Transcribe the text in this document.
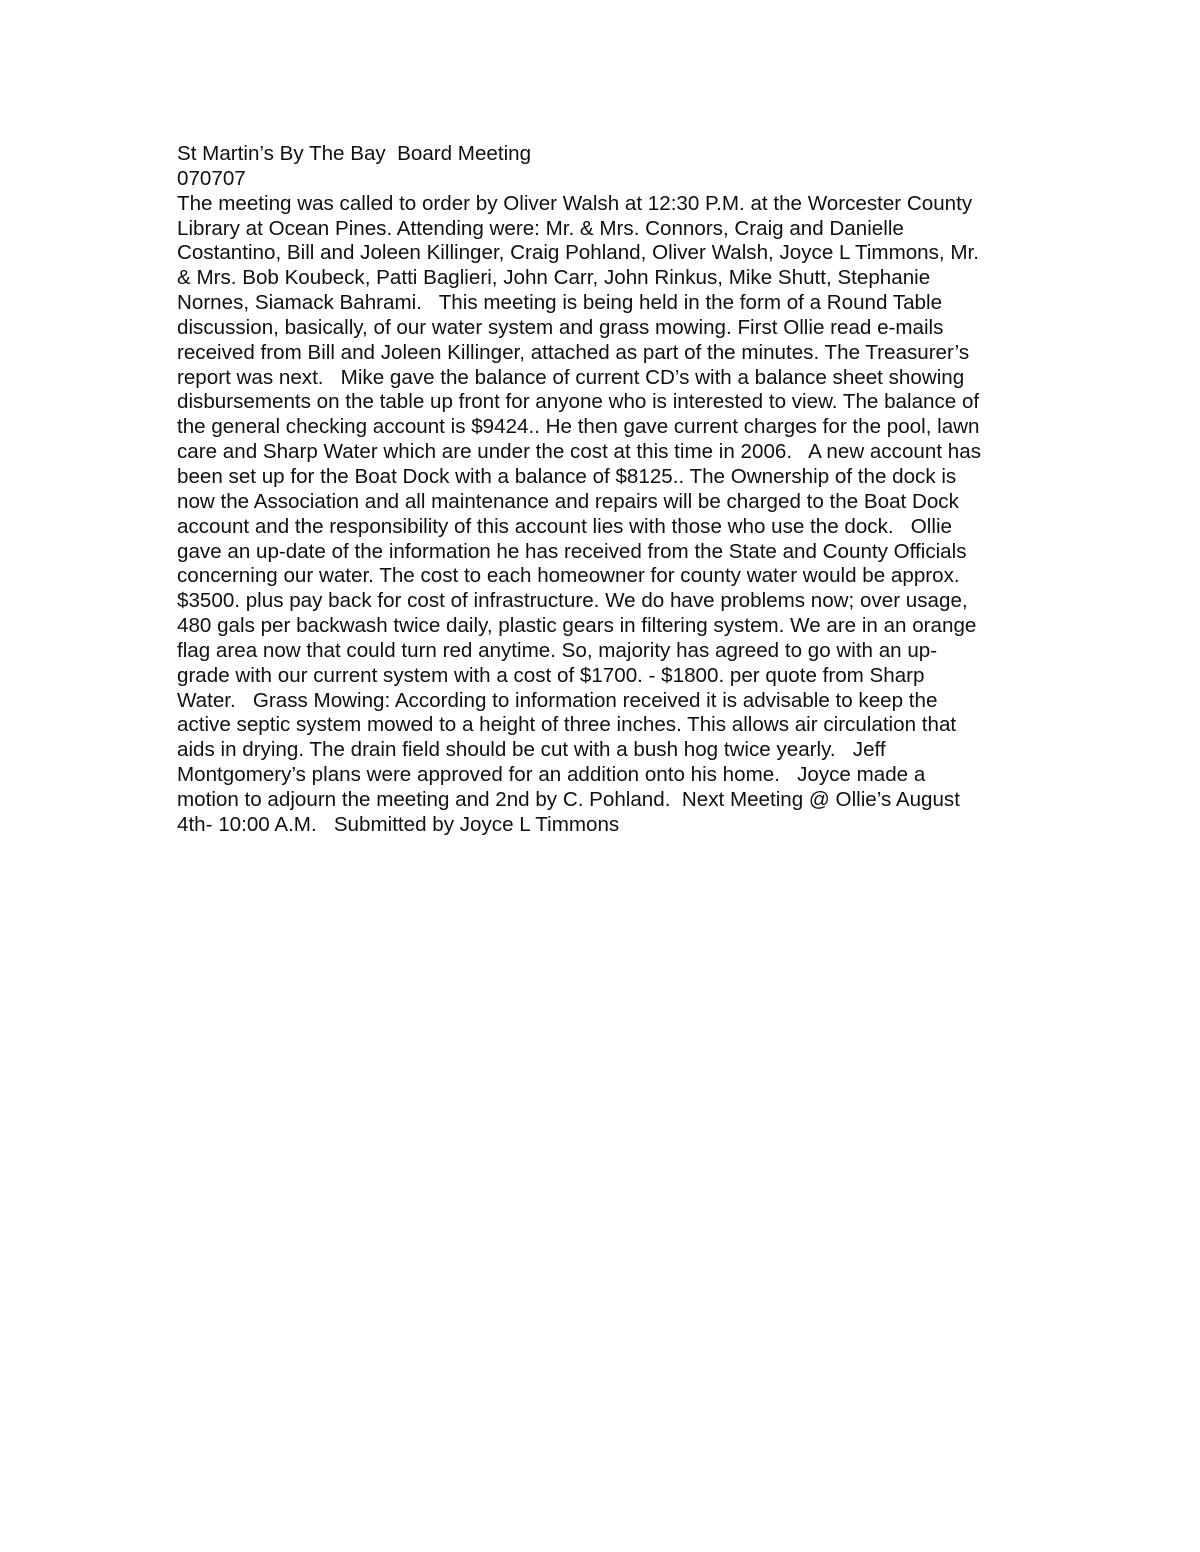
St Martin’s By The Bay  Board Meeting
070707
The meeting was called to order by Oliver Walsh at 12:30 P.M. at the Worcester County
Library at Ocean Pines. Attending were: Mr. & Mrs. Connors, Craig and Danielle
Costantino, Bill and Joleen Killinger, Craig Pohland, Oliver Walsh, Joyce L Timmons, Mr.
& Mrs. Bob Koubeck, Patti Baglieri, John Carr, John Rinkus, Mike Shutt, Stephanie
Nornes, Siamack Bahrami.   This meeting is being held in the form of a Round Table
discussion, basically, of our water system and grass mowing. First Ollie read e-mails
received from Bill and Joleen Killinger, attached as part of the minutes. The Treasurer’s
report was next.   Mike gave the balance of current CD’s with a balance sheet showing
disbursements on the table up front for anyone who is interested to view. The balance of
the general checking account is $9424.. He then gave current charges for the pool, lawn
care and Sharp Water which are under the cost at this time in 2006.   A new account has
been set up for the Boat Dock with a balance of $8125.. The Ownership of the dock is
now the Association and all maintenance and repairs will be charged to the Boat Dock
account and the responsibility of this account lies with those who use the dock.   Ollie
gave an up-date of the information he has received from the State and County Officials
concerning our water. The cost to each homeowner for county water would be approx.
$3500. plus pay back for cost of infrastructure. We do have problems now; over usage,
480 gals per backwash twice daily, plastic gears in filtering system. We are in an orange
flag area now that could turn red anytime. So, majority has agreed to go with an up-
grade with our current system with a cost of $1700. - $1800. per quote from Sharp
Water.   Grass Mowing: According to information received it is advisable to keep the
active septic system mowed to a height of three inches. This allows air circulation that
aids in drying. The drain field should be cut with a bush hog twice yearly.   Jeff
Montgomery’s plans were approved for an addition onto his home.   Joyce made a
motion to adjourn the meeting and 2nd by C. Pohland.  Next Meeting @ Ollie’s August
4th- 10:00 A.M.   Submitted by Joyce L Timmons
